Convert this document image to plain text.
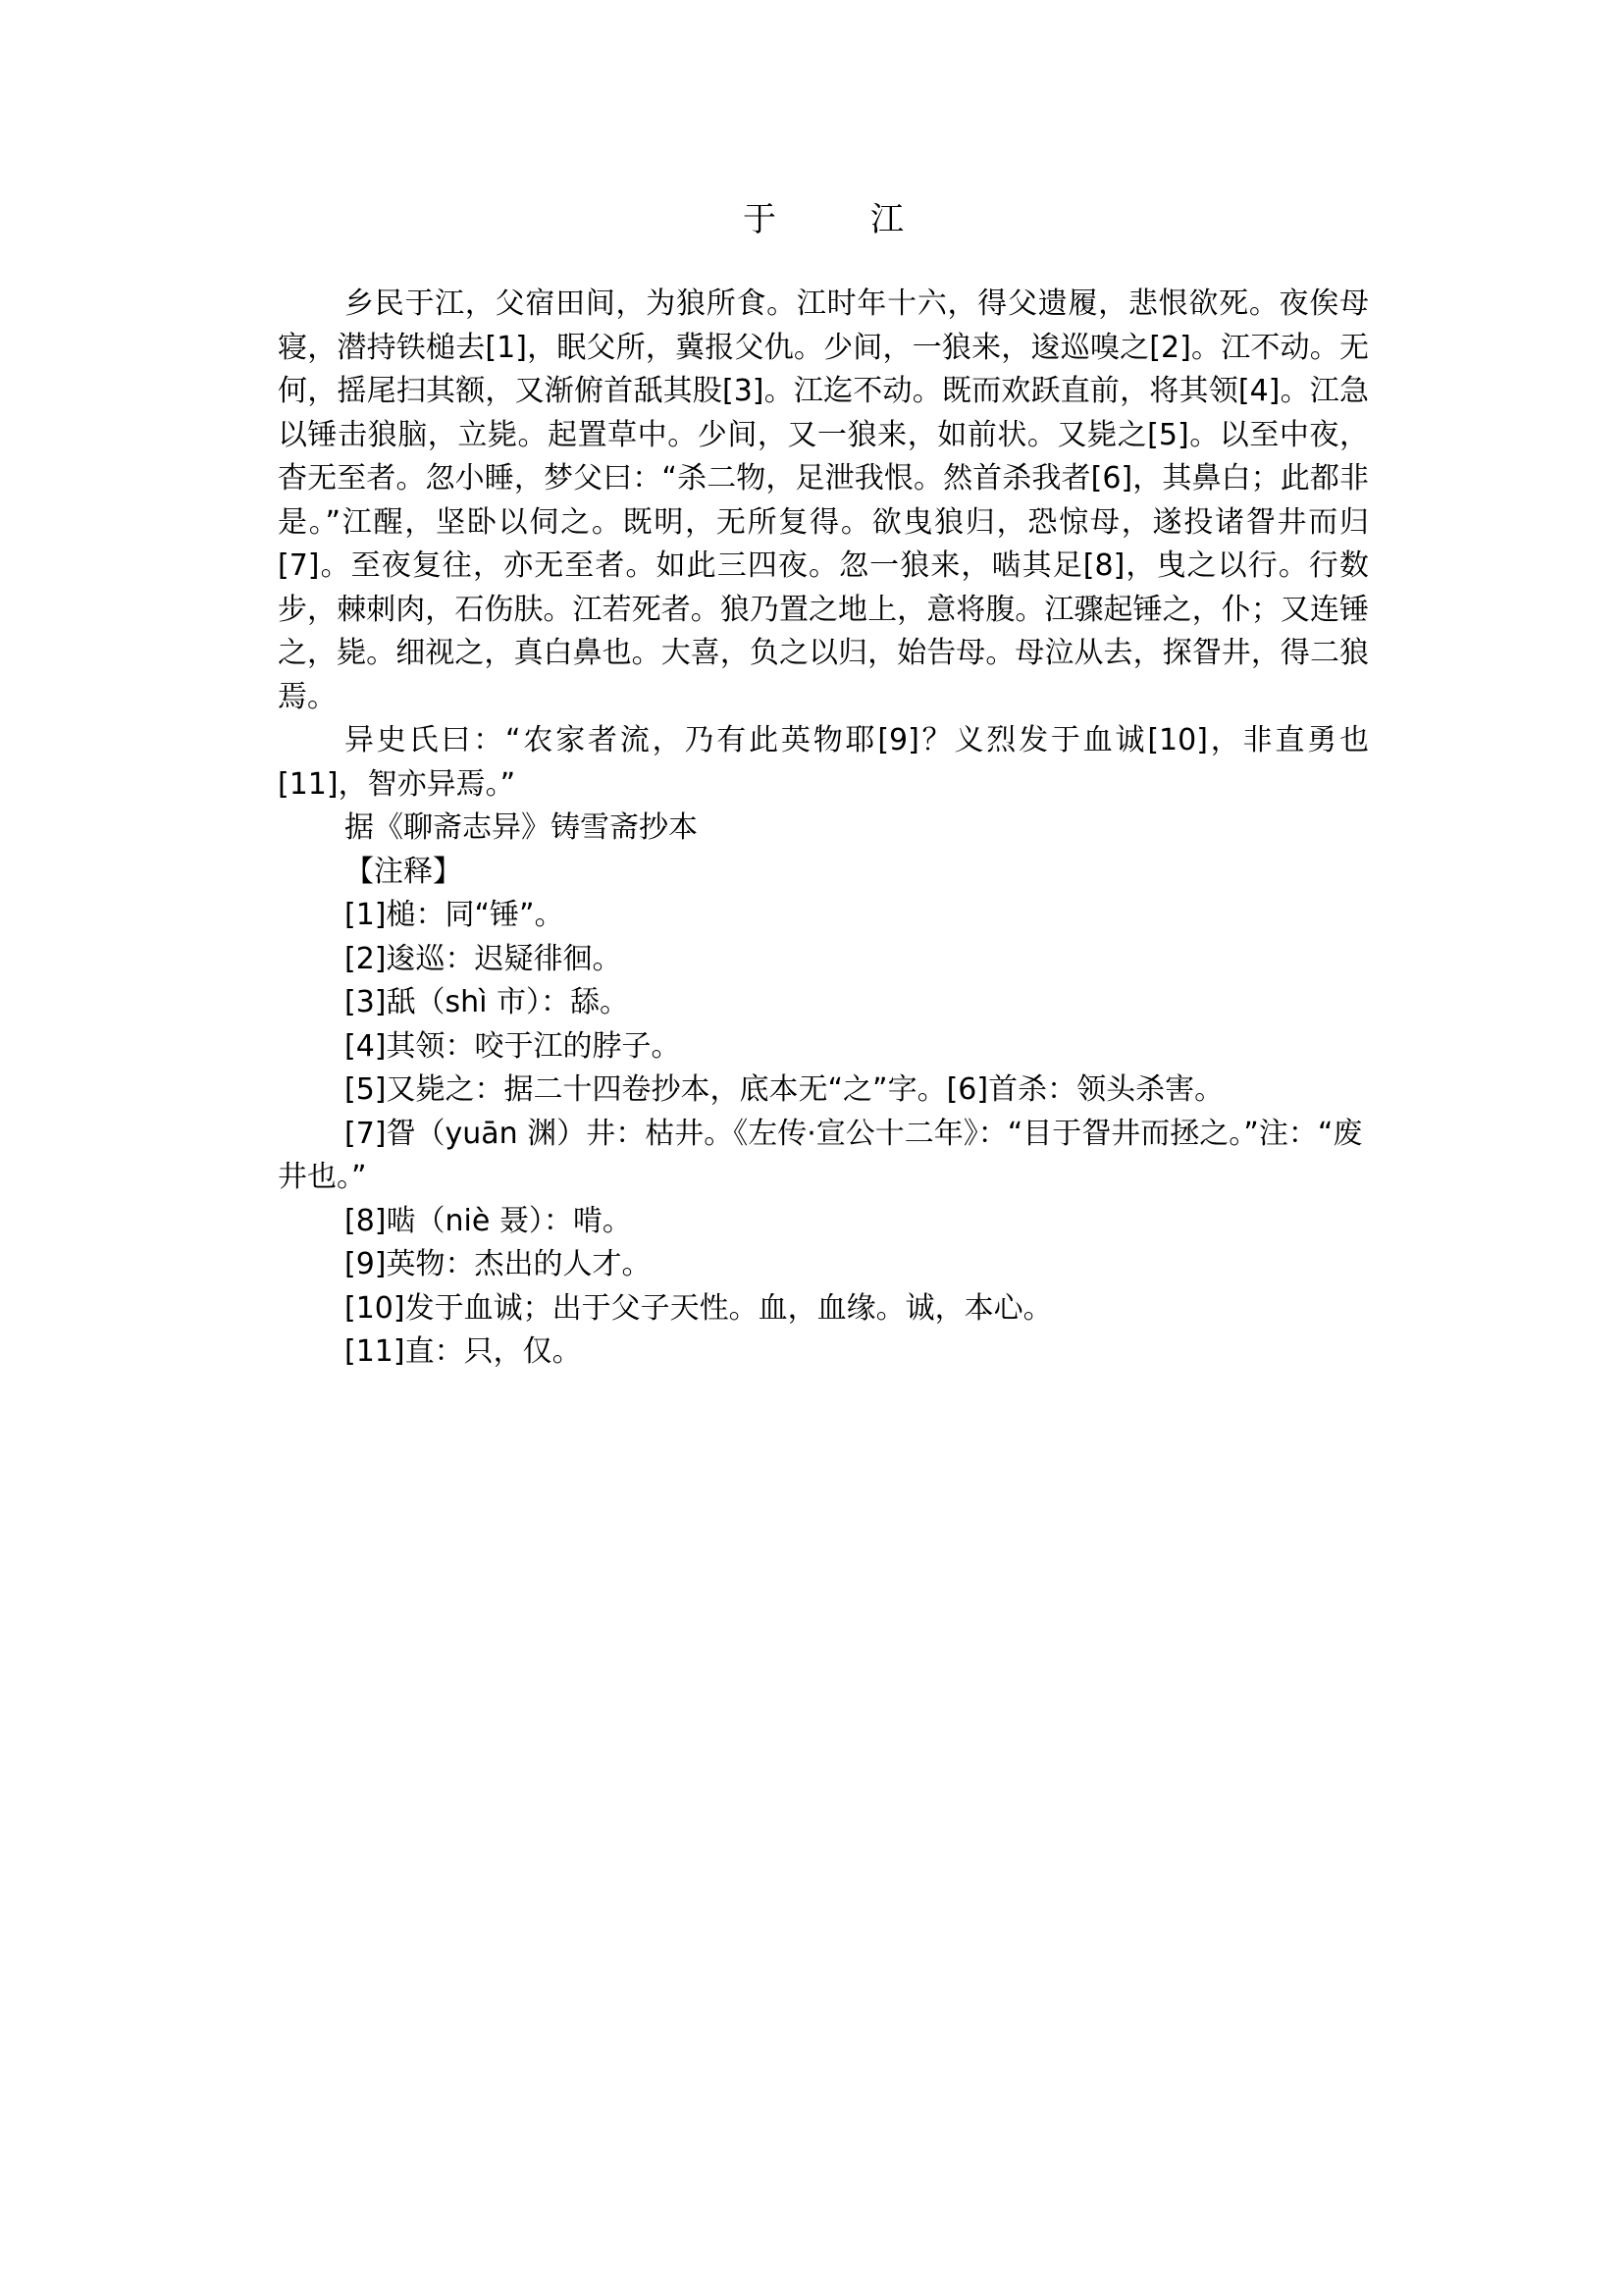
于江

乡民于江，父宿田间，为狼所食。江时年十六，得父遗履，悲恨欲死。夜俟母寝，潜持铁槌去[1]，眠父所，冀报父仇。少间，一狼来，逡巡嗅之[2]。江不动。无何，摇尾扫其额，又渐俯首舐其股[3]。江迄不动。既而欢跃直前，将其领[4]。江急以锤击狼脑，立毙。起置草中。少间，又一狼来，如前状。又毙之[5]。以至中夜，杳无至者。忽小睡，梦父曰：“杀二物，足泄我恨。然首杀我者[6]，其鼻白；此都非是。”江醒，坚卧以伺之。既明，无所复得。欲曳狼归，恐惊母，遂投诸眢井而归[7]。至夜复往，亦无至者。如此三四夜。忽一狼来，啮其足[8]，曳之以行。行数步，棘刺肉，石伤肤。江若死者。狼乃置之地上，意将腹。江骤起锤之，仆；又连锤之，毙。细视之，真白鼻也。大喜，负之以归，始告母。母泣从去，探眢井，得二狼焉。

异史氏曰：“农家者流，乃有此英物耶[9]？义烈发于血诚[10]，非直勇也[11]，智亦异焉。”

据《聊斋志异》铸雪斋抄本

【注释】

[1]槌：同“锤”。

[2]逡巡：迟疑徘徊。

[3]舐（shì 市）：舔。

[4]其领：咬于江的脖子。

[5]又毙之：据二十四卷抄本，底本无“之”字。[6]首杀：领头杀害。

[7]眢（yuān 渊）井：枯井。《左传·宣公十二年》：“目于眢井而拯之。”注：“废井也。”

[8]啮（niè 聂）：啃。

[9]英物：杰出的人才。

[10]发于血诚；出于父子天性。血，血缘。诚，本心。

[11]直：只，仅。
